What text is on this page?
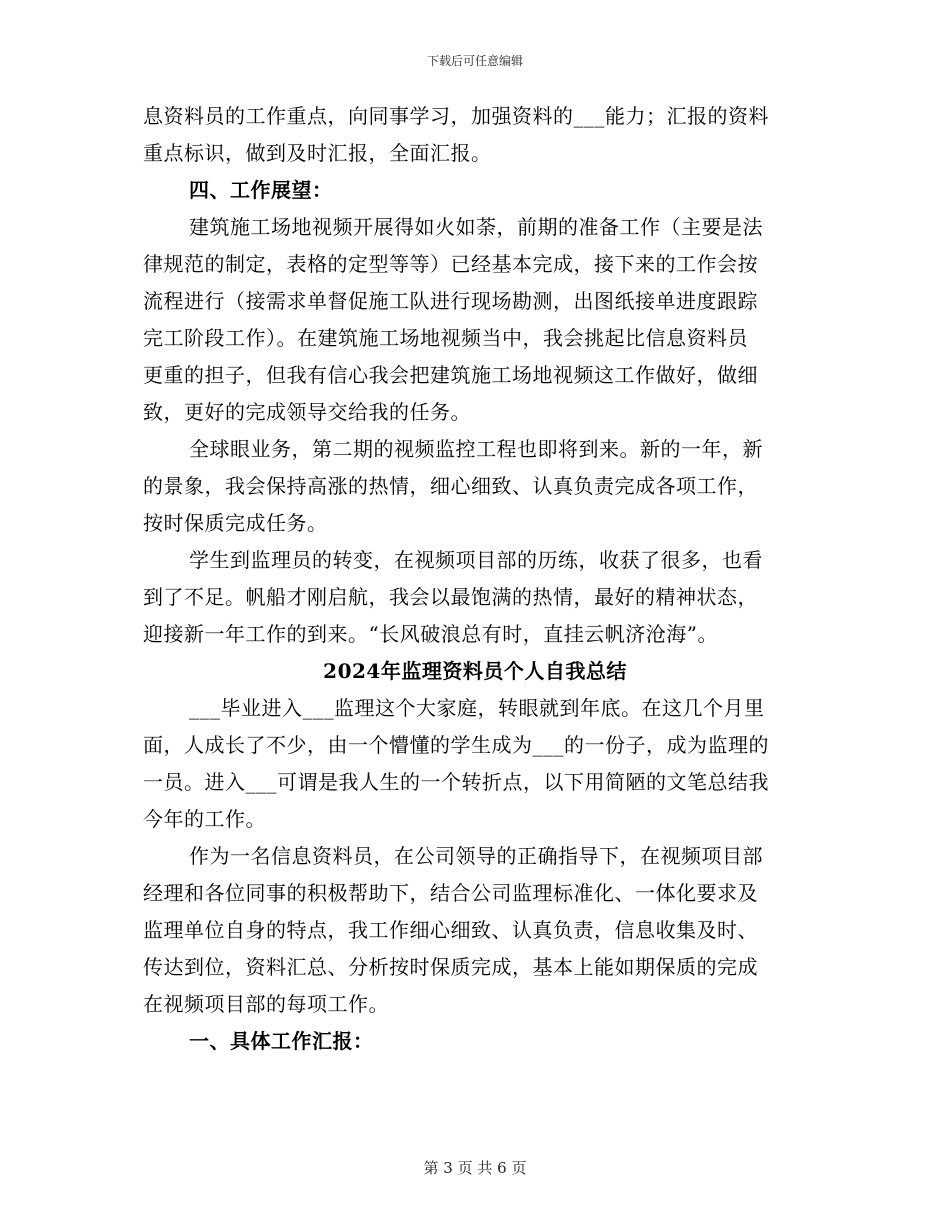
下载后可任意编辑
息资料员的工作重点，向同事学习，加强资料的___能力；汇报的资料
重点标识，做到及时汇报，全面汇报。
四、工作展望：
建筑施工场地视频开展得如火如荼，前期的准备工作（主要是法
律规范的制定，表格的定型等等）已经基本完成，接下来的工作会按
流程进行（接需求单督促施工队进行现场勘测，出图纸接单进度跟踪
完工阶段工作）。在建筑施工场地视频当中，我会挑起比信息资料员
更重的担子，但我有信心我会把建筑施工场地视频这工作做好，做细
致，更好的完成领导交给我的任务。
全球眼业务，第二期的视频监控工程也即将到来。新的一年，新
的景象，我会保持高涨的热情，细心细致、认真负责完成各项工作，
按时保质完成任务。
学生到监理员的转变，在视频项目部的历练，收获了很多，也看
到了不足。帆船才刚启航，我会以最饱满的热情，最好的精神状态，
迎接新一年工作的到来。“长风破浪总有时，直挂云帆济沧海”。
2024年监理资料员个人自我总结
___毕业进入___监理这个大家庭，转眼就到年底。在这几个月里
面，人成长了不少，由一个懵懂的学生成为___的一份子，成为监理的
一员。进入___可谓是我人生的一个转折点，以下用简陋的文笔总结我
今年的工作。
作为一名信息资料员，在公司领导的正确指导下，在视频项目部
经理和各位同事的积极帮助下，结合公司监理标准化、一体化要求及
监理单位自身的特点，我工作细心细致、认真负责，信息收集及时、
传达到位，资料汇总、分析按时保质完成，基本上能如期保质的完成
在视频项目部的每项工作。
一、具体工作汇报：
第 3 页 共 6 页
